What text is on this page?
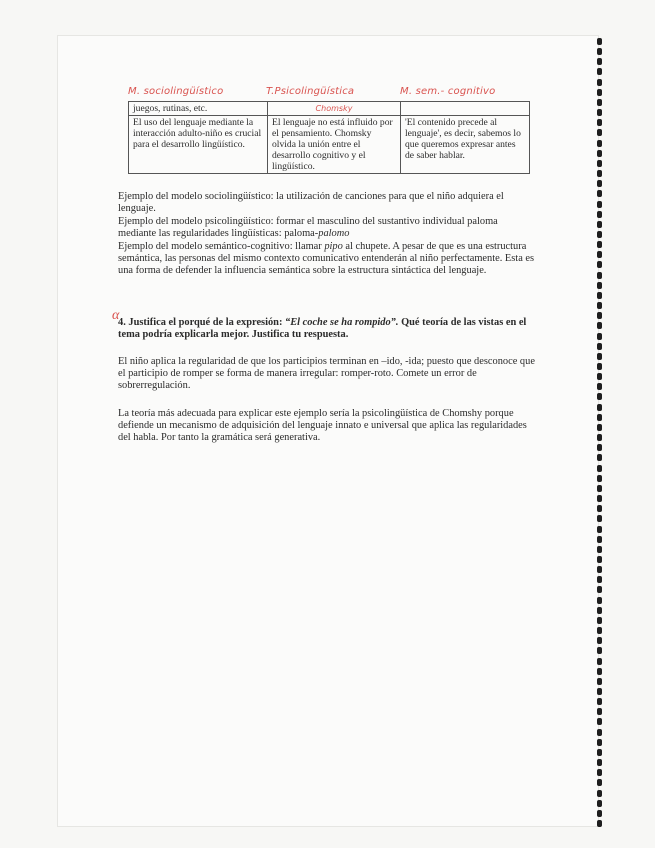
M. sociolingüístico	T.Psicolingüística	M. sem.- cognitivo
juegos, rutinas, etc.	Chomsky	

El uso del lenguaje mediante la interacción adulto-niño es crucial para el desarrollo lingüístico.	El lenguaje no está influido por el pensamiento. Chomsky olvida la unión entre el desarrollo cognitivo y el lingüístico.	'El contenido precede al lenguaje', es decir, sabemos lo que queremos expresar antes de saber hablar.

Ejemplo del modelo sociolingüístico: la utilización de canciones para que el niño adquiera el lenguaje.

Ejemplo del modelo psicolingüístico: formar el masculino del sustantivo individual paloma mediante las regularidades lingüísticas: paloma-palomo

Ejemplo del modelo semántico-cognitivo: llamar pipo al chupete. A pesar de que es una estructura semántica, las personas del mismo contexto comunicativo entenderán al niño perfectamente. Esta es una forma de defender la influencia semántica sobre la estructura sintáctica del lenguaje.

α

4. Justifica el porqué de la expresión: “El coche se ha rompido”. Qué teoría de las vistas en el tema podría explicarla mejor. Justifica tu respuesta.

El niño aplica la regularidad de que los participios terminan en –ido, -ida; puesto que desconoce que el participio de romper se forma de manera irregular: romper-roto. Comete un error de sobrerregulación.

La teoría más adecuada para explicar este ejemplo sería la psicolingüística de Chomshy porque defiende un mecanismo de adquisición del lenguaje innato e universal que aplica las regularidades del habla. Por tanto la gramática será generativa.
